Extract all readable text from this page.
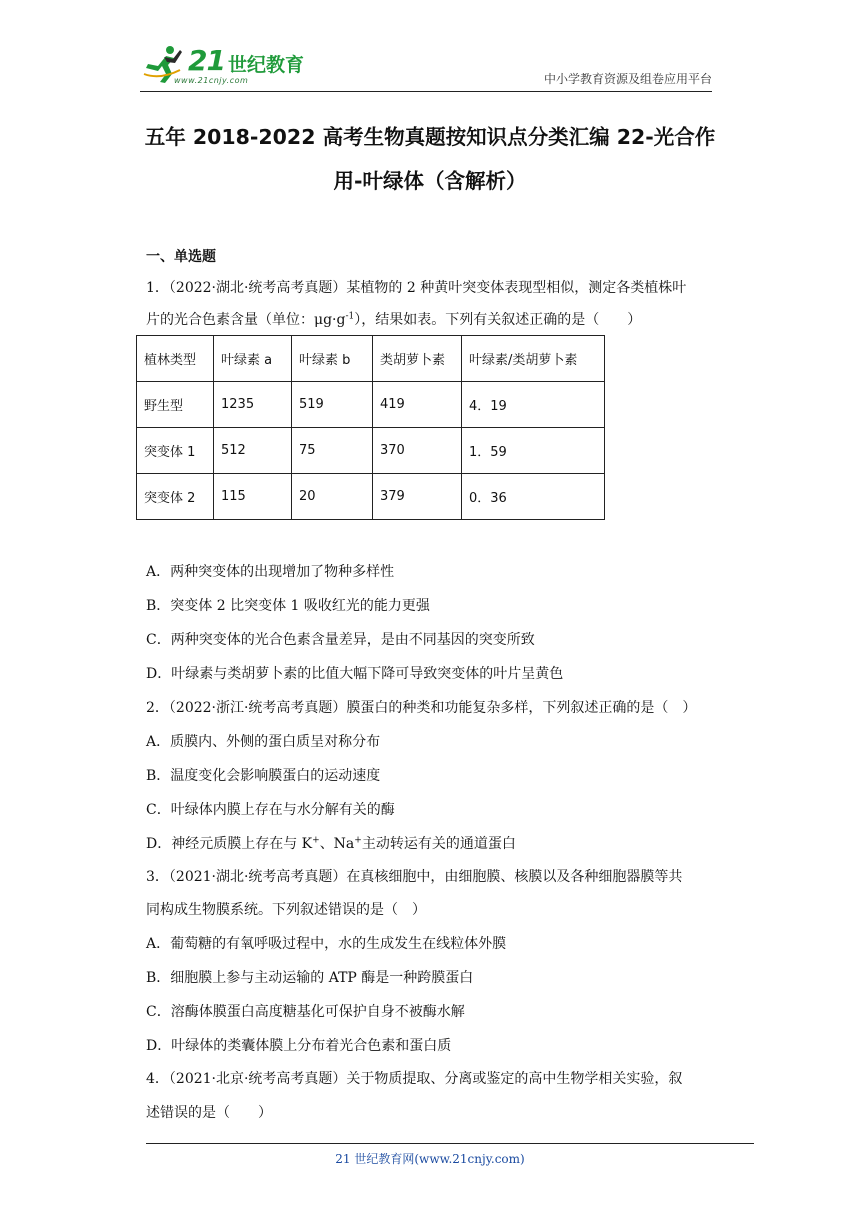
21 世纪教育
www.21cnjy.com	中小学教育资源及组卷应用平台
五年 2018-2022 高考生物真题按知识点分类汇编 22-光合作
用-叶绿体（含解析）
一、单选题
1．（2022·湖北·统考高考真题）某植物的 2 种黄叶突变体表现型相似，测定各类植株叶
片的光合色素含量（单位：$\mu g\cdot g^{-1}$），结果如表。下列有关叙述正确的是（　　）
植林类型	叶绿素 a	叶绿素 b	类胡萝卜素	叶绿素/类胡萝卜素
野生型	1235	519	419	4．19
突变体 1	512	75	370	1．59
突变体 2	115	20	379	0．36
A．两种突变体的出现增加了物种多样性
B．突变体 2 比突变体 1 吸收红光的能力更强
C．两种突变体的光合色素含量差异，是由不同基因的突变所致
D．叶绿素与类胡萝卜素的比值大幅下降可导致突变体的叶片呈黄色
2．（2022·浙江·统考高考真题）膜蛋白的种类和功能复杂多样，下列叙述正确的是（　）
A．质膜内、外侧的蛋白质呈对称分布
B．温度变化会影响膜蛋白的运动速度
C．叶绿体内膜上存在与水分解有关的酶
D．神经元质膜上存在与 K+、Na+主动转运有关的通道蛋白
3．（2021·湖北·统考高考真题）在真核细胞中，由细胞膜、核膜以及各种细胞器膜等共
同构成生物膜系统。下列叙述错误的是（　）
A．葡萄糖的有氧呼吸过程中，水的生成发生在线粒体外膜
B．细胞膜上参与主动运输的 ATP 酶是一种跨膜蛋白
C．溶酶体膜蛋白高度糖基化可保护自身不被酶水解
D．叶绿体的类囊体膜上分布着光合色素和蛋白质
4．（2021·北京·统考高考真题）关于物质提取、分离或鉴定的高中生物学相关实验，叙
述错误的是（　　）
21 世纪教育网(www.21cnjy.com)
